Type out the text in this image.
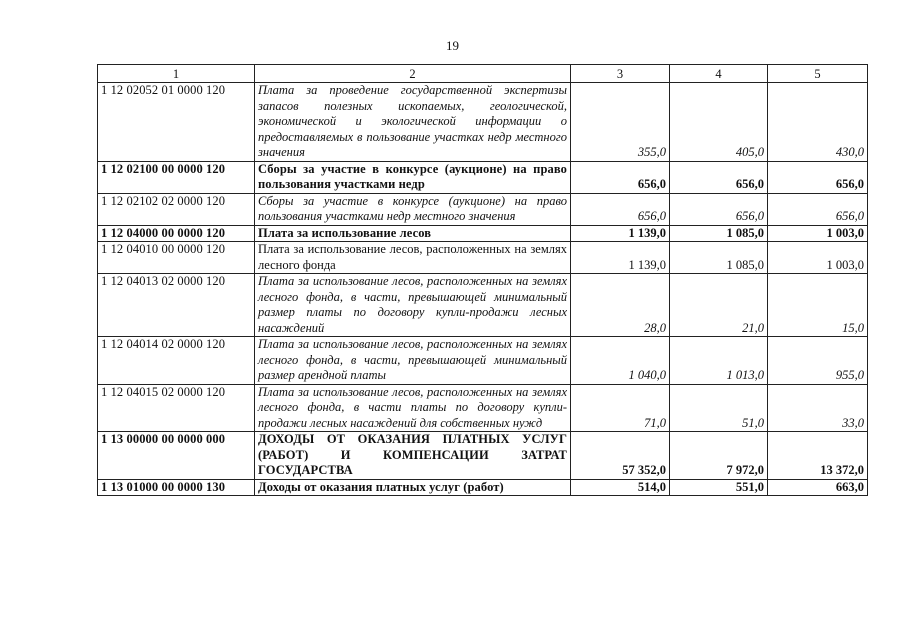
19
1	2	3	4	5
1 12 02052 01 0000 120	Плата за проведение государственной экспертизы запасов полезных ископаемых, геологической, экономической и экологической информации о предоставляемых в пользование участках недр местного значения	355,0	405,0	430,0
1 12 02100 00 0000 120	Сборы за участие в конкурсе (аукционе) на право пользования участками недр	656,0	656,0	656,0
1 12 02102 02 0000 120	Сборы за участие в конкурсе (аукционе) на право пользования участками недр местного значения	656,0	656,0	656,0
1 12 04000 00 0000 120	Плата за использование лесов	1 139,0	1 085,0	1 003,0
1 12 04010 00 0000 120	Плата за использование лесов, расположенных на землях лесного фонда	1 139,0	1 085,0	1 003,0
1 12 04013 02 0000 120	Плата за использование лесов, расположенных на землях лесного фонда, в части, превышающей минимальный размер платы по договору купли-продажи лесных насаждений	28,0	21,0	15,0
1 12 04014 02 0000 120	Плата за использование лесов, расположенных на землях лесного фонда, в части, превышающей минимальный размер арендной платы	1 040,0	1 013,0	955,0
1 12 04015 02 0000 120	Плата за использование лесов, расположенных на землях лесного фонда, в части платы по договору купли-продажи лесных насаждений для собственных нужд	71,0	51,0	33,0
1 13 00000 00 0000 000	ДОХОДЫ ОТ ОКАЗАНИЯ ПЛАТНЫХ УСЛУГ (РАБОТ) И КОМПЕНСАЦИИ ЗАТРАТ ГОСУДАРСТВА	57 352,0	7 972,0	13 372,0
1 13 01000 00 0000 130	Доходы от оказания платных услуг (работ)	514,0	551,0	663,0
